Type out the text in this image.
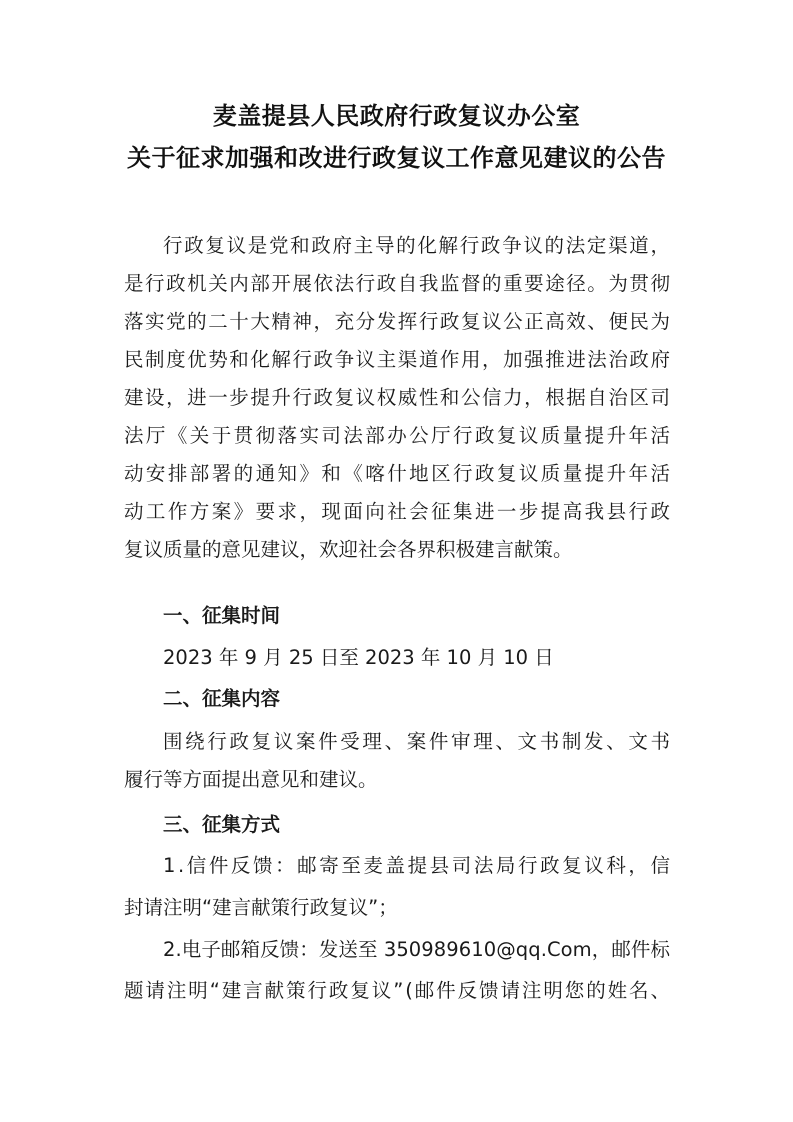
麦盖提县人民政府行政复议办公室
关于征求加强和改进行政复议工作意见建议的公告
行政复议是党和政府主导的化解行政争议的法定渠道，
是行政机关内部开展依法行政自我监督的重要途径。为贯彻
落实党的二十大精神，充分发挥行政复议公正高效、便民为
民制度优势和化解行政争议主渠道作用，加强推进法治政府
建设，进一步提升行政复议权威性和公信力，根据自治区司
法厅《关于贯彻落实司法部办公厅行政复议质量提升年活
动安排部署的通知》和《喀什地区行政复议质量提升年活
动工作方案》要求，现面向社会征集进一步提高我县行政
复议质量的意见建议，欢迎社会各界积极建言献策。
一、征集时间
2023 年 9 月 25 日至 2023 年 10 月 10 日
二、征集内容
围绕行政复议案件受理、案件审理、文书制发、文书
履行等方面提出意见和建议。
三、征集方式
1.信件反馈：邮寄至麦盖提县司法局行政复议科，信
封请注明“建言献策行政复议”；
2.电子邮箱反馈：发送至 350989610@qq.Com，邮件标
题请注明“建言献策行政复议”(邮件反馈请注明您的姓名、
